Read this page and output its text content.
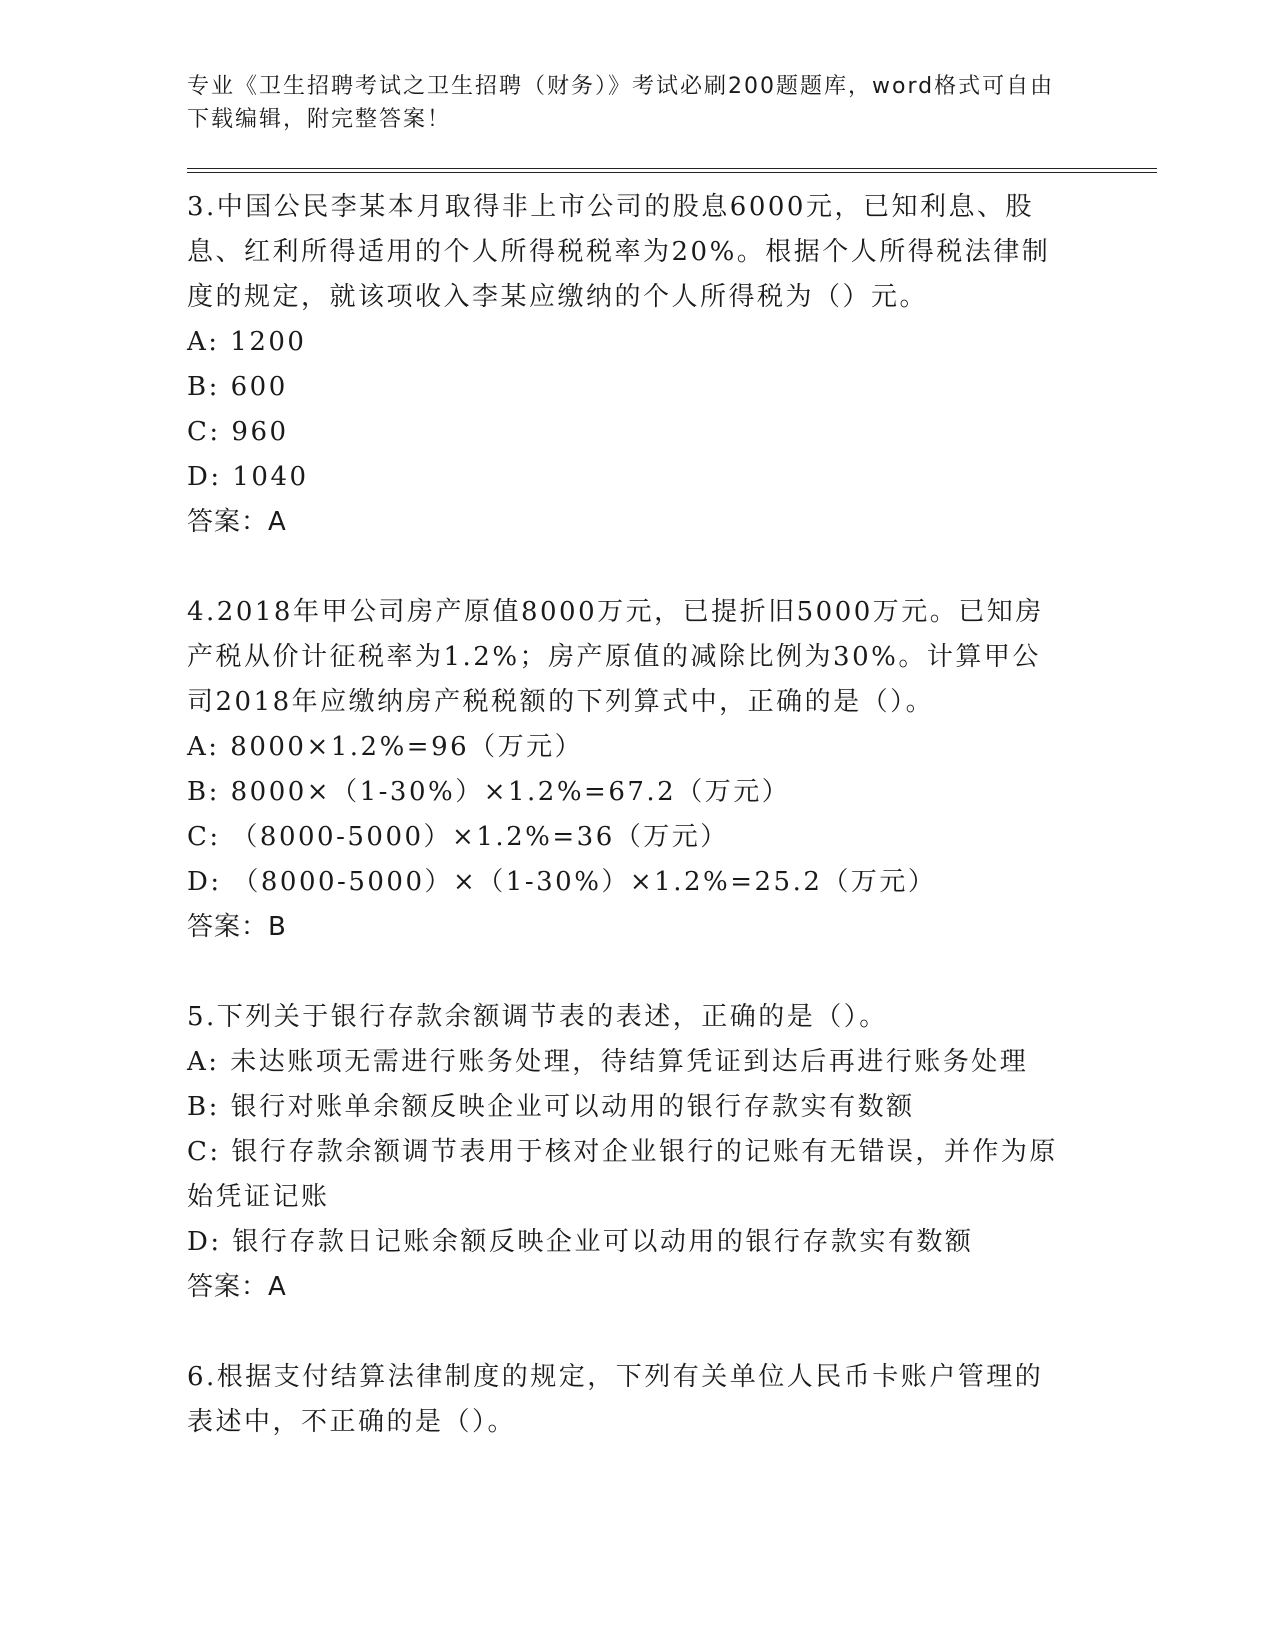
专业《卫生招聘考试之卫生招聘（财务）》考试必刷200题题库，word格式可自由下载编辑，附完整答案！

3.中国公民李某本月取得非上市公司的股息6000元，已知利息、股息、红利所得适用的个人所得税税率为20%。根据个人所得税法律制度的规定，就该项收入李某应缴纳的个人所得税为（）元。

A: 1200

B: 600

C: 960

D: 1040

答案：A

4.2018年甲公司房产原值8000万元，已提折旧5000万元。已知房产税从价计征税率为1.2%；房产原值的减除比例为30%。计算甲公司2018年应缴纳房产税税额的下列算式中，正确的是（）。

A: 8000×1.2%=96（万元）

B: 8000×（1-30%）×1.2%=67.2（万元）

C: （8000-5000）×1.2%=36（万元）

D: （8000-5000）×（1-30%）×1.2%=25.2（万元）

答案：B

5.下列关于银行存款余额调节表的表述，正确的是（）。

A: 未达账项无需进行账务处理，待结算凭证到达后再进行账务处理

B: 银行对账单余额反映企业可以动用的银行存款实有数额

C: 银行存款余额调节表用于核对企业银行的记账有无错误，并作为原始凭证记账

D: 银行存款日记账余额反映企业可以动用的银行存款实有数额

答案：A

6.根据支付结算法律制度的规定，下列有关单位人民币卡账户管理的表述中，不正确的是（）。
